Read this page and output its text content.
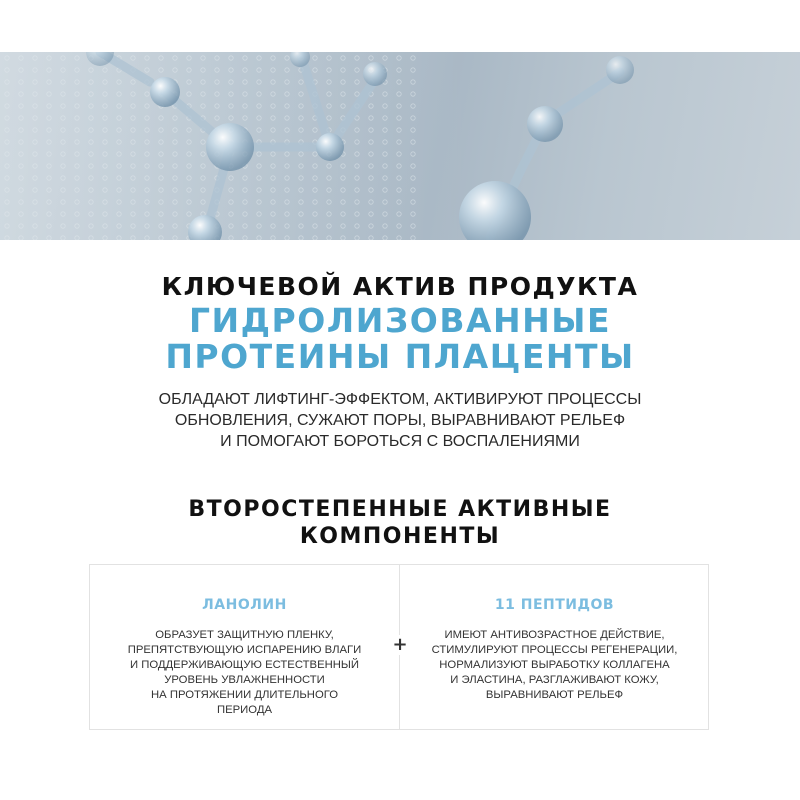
КЛЮЧЕВОЙ АКТИВ ПРОДУКТА
ГИДРОЛИЗОВАННЫЕ
ПРОТЕИНЫ ПЛАЦЕНТЫ
ОБЛАДАЮТ ЛИФТИНГ-ЭФФЕКТОМ, АКТИВИРУЮТ ПРОЦЕССЫ
ОБНОВЛЕНИЯ, СУЖАЮТ ПОРЫ, ВЫРАВНИВАЮТ РЕЛЬЕФ
И ПОМОГАЮТ БОРОТЬСЯ С ВОСПАЛЕНИЯМИ
ВТОРОСТЕПЕННЫЕ АКТИВНЫЕ
КОМПОНЕНТЫ
ЛАНОЛИН
ОБРАЗУЕТ ЗАЩИТНУЮ ПЛЕНКУ,
ПРЕПЯТСТВУЮЩУЮ ИСПАРЕНИЮ ВЛАГИ
И ПОДДЕРЖИВАЮЩУЮ ЕСТЕСТВЕННЫЙ
УРОВЕНЬ УВЛАЖНЕННОСТИ
НА ПРОТЯЖЕНИИ ДЛИТЕЛЬНОГО
ПЕРИОДА
+
11 ПЕПТИДОВ
ИМЕЮТ АНТИВОЗРАСТНОЕ ДЕЙСТВИЕ,
СТИМУЛИРУЮТ ПРОЦЕССЫ РЕГЕНЕРАЦИИ,
НОРМАЛИЗУЮТ ВЫРАБОТКУ КОЛЛАГЕНА
И ЭЛАСТИНА, РАЗГЛАЖИВАЮТ КОЖУ,
ВЫРАВНИВАЮТ РЕЛЬЕФ
